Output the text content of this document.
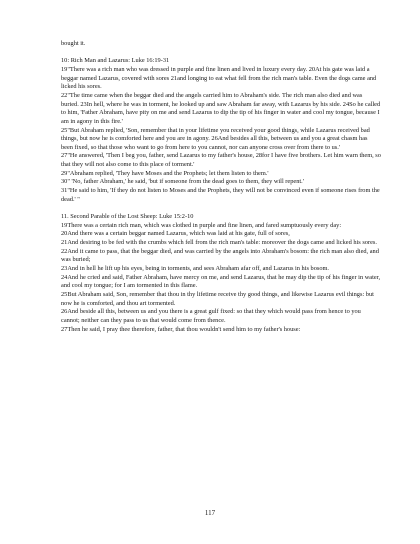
bought it.

10: Rich Man and Lazarus: Luke 16:19-31

19"There was a rich man who was dressed in purple and fine linen and lived in luxury every day. 20At his gate was laid a beggar named Lazarus, covered with sores 21and longing to eat what fell from the rich man's table. Even the dogs came and licked his sores.

22"The time came when the beggar died and the angels carried him to Abraham's side. The rich man also died and was buried. 23In hell, where he was in torment, he looked up and saw Abraham far away, with Lazarus by his side. 24So he called to him, 'Father Abraham, have pity on me and send Lazarus to dip the tip of his finger in water and cool my tongue, because I am in agony in this fire.'

25"But Abraham replied, 'Son, remember that in your lifetime you received your good things, while Lazarus received bad things, but now he is comforted here and you are in agony. 26And besides all this, between us and you a great chasm has been fixed, so that those who want to go from here to you cannot, nor can anyone cross over from there to us.'

27"He answered, 'Then I beg you, father, send Lazarus to my father's house, 28for I have five brothers. Let him warn them, so that they will not also come to this place of torment.'

29"Abraham replied, 'They have Moses and the Prophets; let them listen to them.'

30" 'No, father Abraham,' he said, 'but if someone from the dead goes to them, they will repent.'

31"He said to him, 'If they do not listen to Moses and the Prophets, they will not be convinced even if someone rises from the dead.' "

11. Second Parable of the Lost Sheep: Luke 15:2-10

19There was a certain rich man, which was clothed in purple and fine linen, and fared sumptuously every day:

20And there was a certain beggar named Lazarus, which was laid at his gate, full of sores,

21And desiring to be fed with the crumbs which fell from the rich man's table: moreover the dogs came and licked his sores.

22And it came to pass, that the beggar died, and was carried by the angels into Abraham's bosom: the rich man also died, and was buried;

23And in hell he lift up his eyes, being in torments, and sees Abraham afar off, and Lazarus in his bosom.

24And he cried and said, Father Abraham, have mercy on me, and send Lazarus, that he may dip the tip of his finger in water, and cool my tongue; for I am tormented in this flame.

25But Abraham said, Son, remember that thou in thy lifetime receive thy good things, and likewise Lazarus evil things: but now he is comforted, and thou art tormented.

26And beside all this, between us and you there is a great gulf fixed: so that they which would pass from hence to you cannot; neither can they pass to us that would come from thence.

27Then he said, I pray thee therefore, father, that thou wouldn't send him to my father's house:

117
